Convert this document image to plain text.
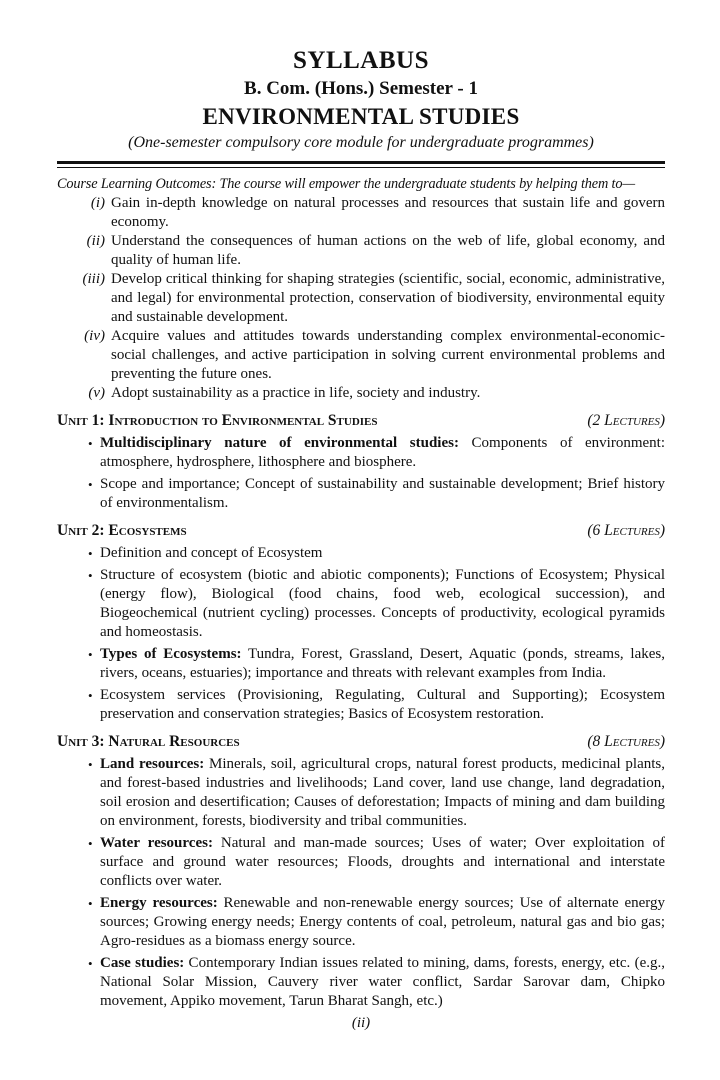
SYLLABUS
B. Com. (Hons.) Semester - 1
ENVIRONMENTAL STUDIES
(One-semester compulsory core module for undergraduate programmes)
Course Learning Outcomes: The course will empower the undergraduate students by helping them to—
(i) Gain in-depth knowledge on natural processes and resources that sustain life and govern economy.
(ii) Understand the consequences of human actions on the web of life, global economy, and quality of human life.
(iii) Develop critical thinking for shaping strategies (scientific, social, economic, administrative, and legal) for environmental protection, conservation of biodiversity, environmental equity and sustainable development.
(iv) Acquire values and attitudes towards understanding complex environmental-economic-social challenges, and active participation in solving current environmental problems and preventing the future ones.
(v) Adopt sustainability as a practice in life, society and industry.
Unit 1: Introduction to Environmental Studies	(2 Lectures)
• Multidisciplinary nature of environmental studies: Components of environment: atmosphere, hydrosphere, lithosphere and biosphere.
• Scope and importance; Concept of sustainability and sustainable development; Brief history of environmentalism.
Unit 2: Ecosystems	(6 Lectures)
• Definition and concept of Ecosystem
• Structure of ecosystem (biotic and abiotic components); Functions of Ecosystem; Physical (energy flow), Biological (food chains, food web, ecological succession), and Biogeochemical (nutrient cycling) processes. Concepts of productivity, ecological pyramids and homeostasis.
• Types of Ecosystems: Tundra, Forest, Grassland, Desert, Aquatic (ponds, streams, lakes, rivers, oceans, estuaries); importance and threats with relevant examples from India.
• Ecosystem services (Provisioning, Regulating, Cultural and Supporting); Ecosystem preservation and conservation strategies; Basics of Ecosystem restoration.
Unit 3: Natural Resources	(8 Lectures)
• Land resources: Minerals, soil, agricultural crops, natural forest products, medicinal plants, and forest-based industries and livelihoods; Land cover, land use change, land degradation, soil erosion and desertification; Causes of deforestation; Impacts of mining and dam building on environment, forests, biodiversity and tribal communities.
• Water resources: Natural and man-made sources; Uses of water; Over exploitation of surface and ground water resources; Floods, droughts and international and interstate conflicts over water.
• Energy resources: Renewable and non-renewable energy sources; Use of alternate energy sources; Growing energy needs; Energy contents of coal, petroleum, natural gas and bio gas; Agro-residues as a biomass energy source.
• Case studies: Contemporary Indian issues related to mining, dams, forests, energy, etc. (e.g., National Solar Mission, Cauvery river water conflict, Sardar Sarovar dam, Chipko movement, Appiko movement, Tarun Bharat Sangh, etc.)
(ii)
